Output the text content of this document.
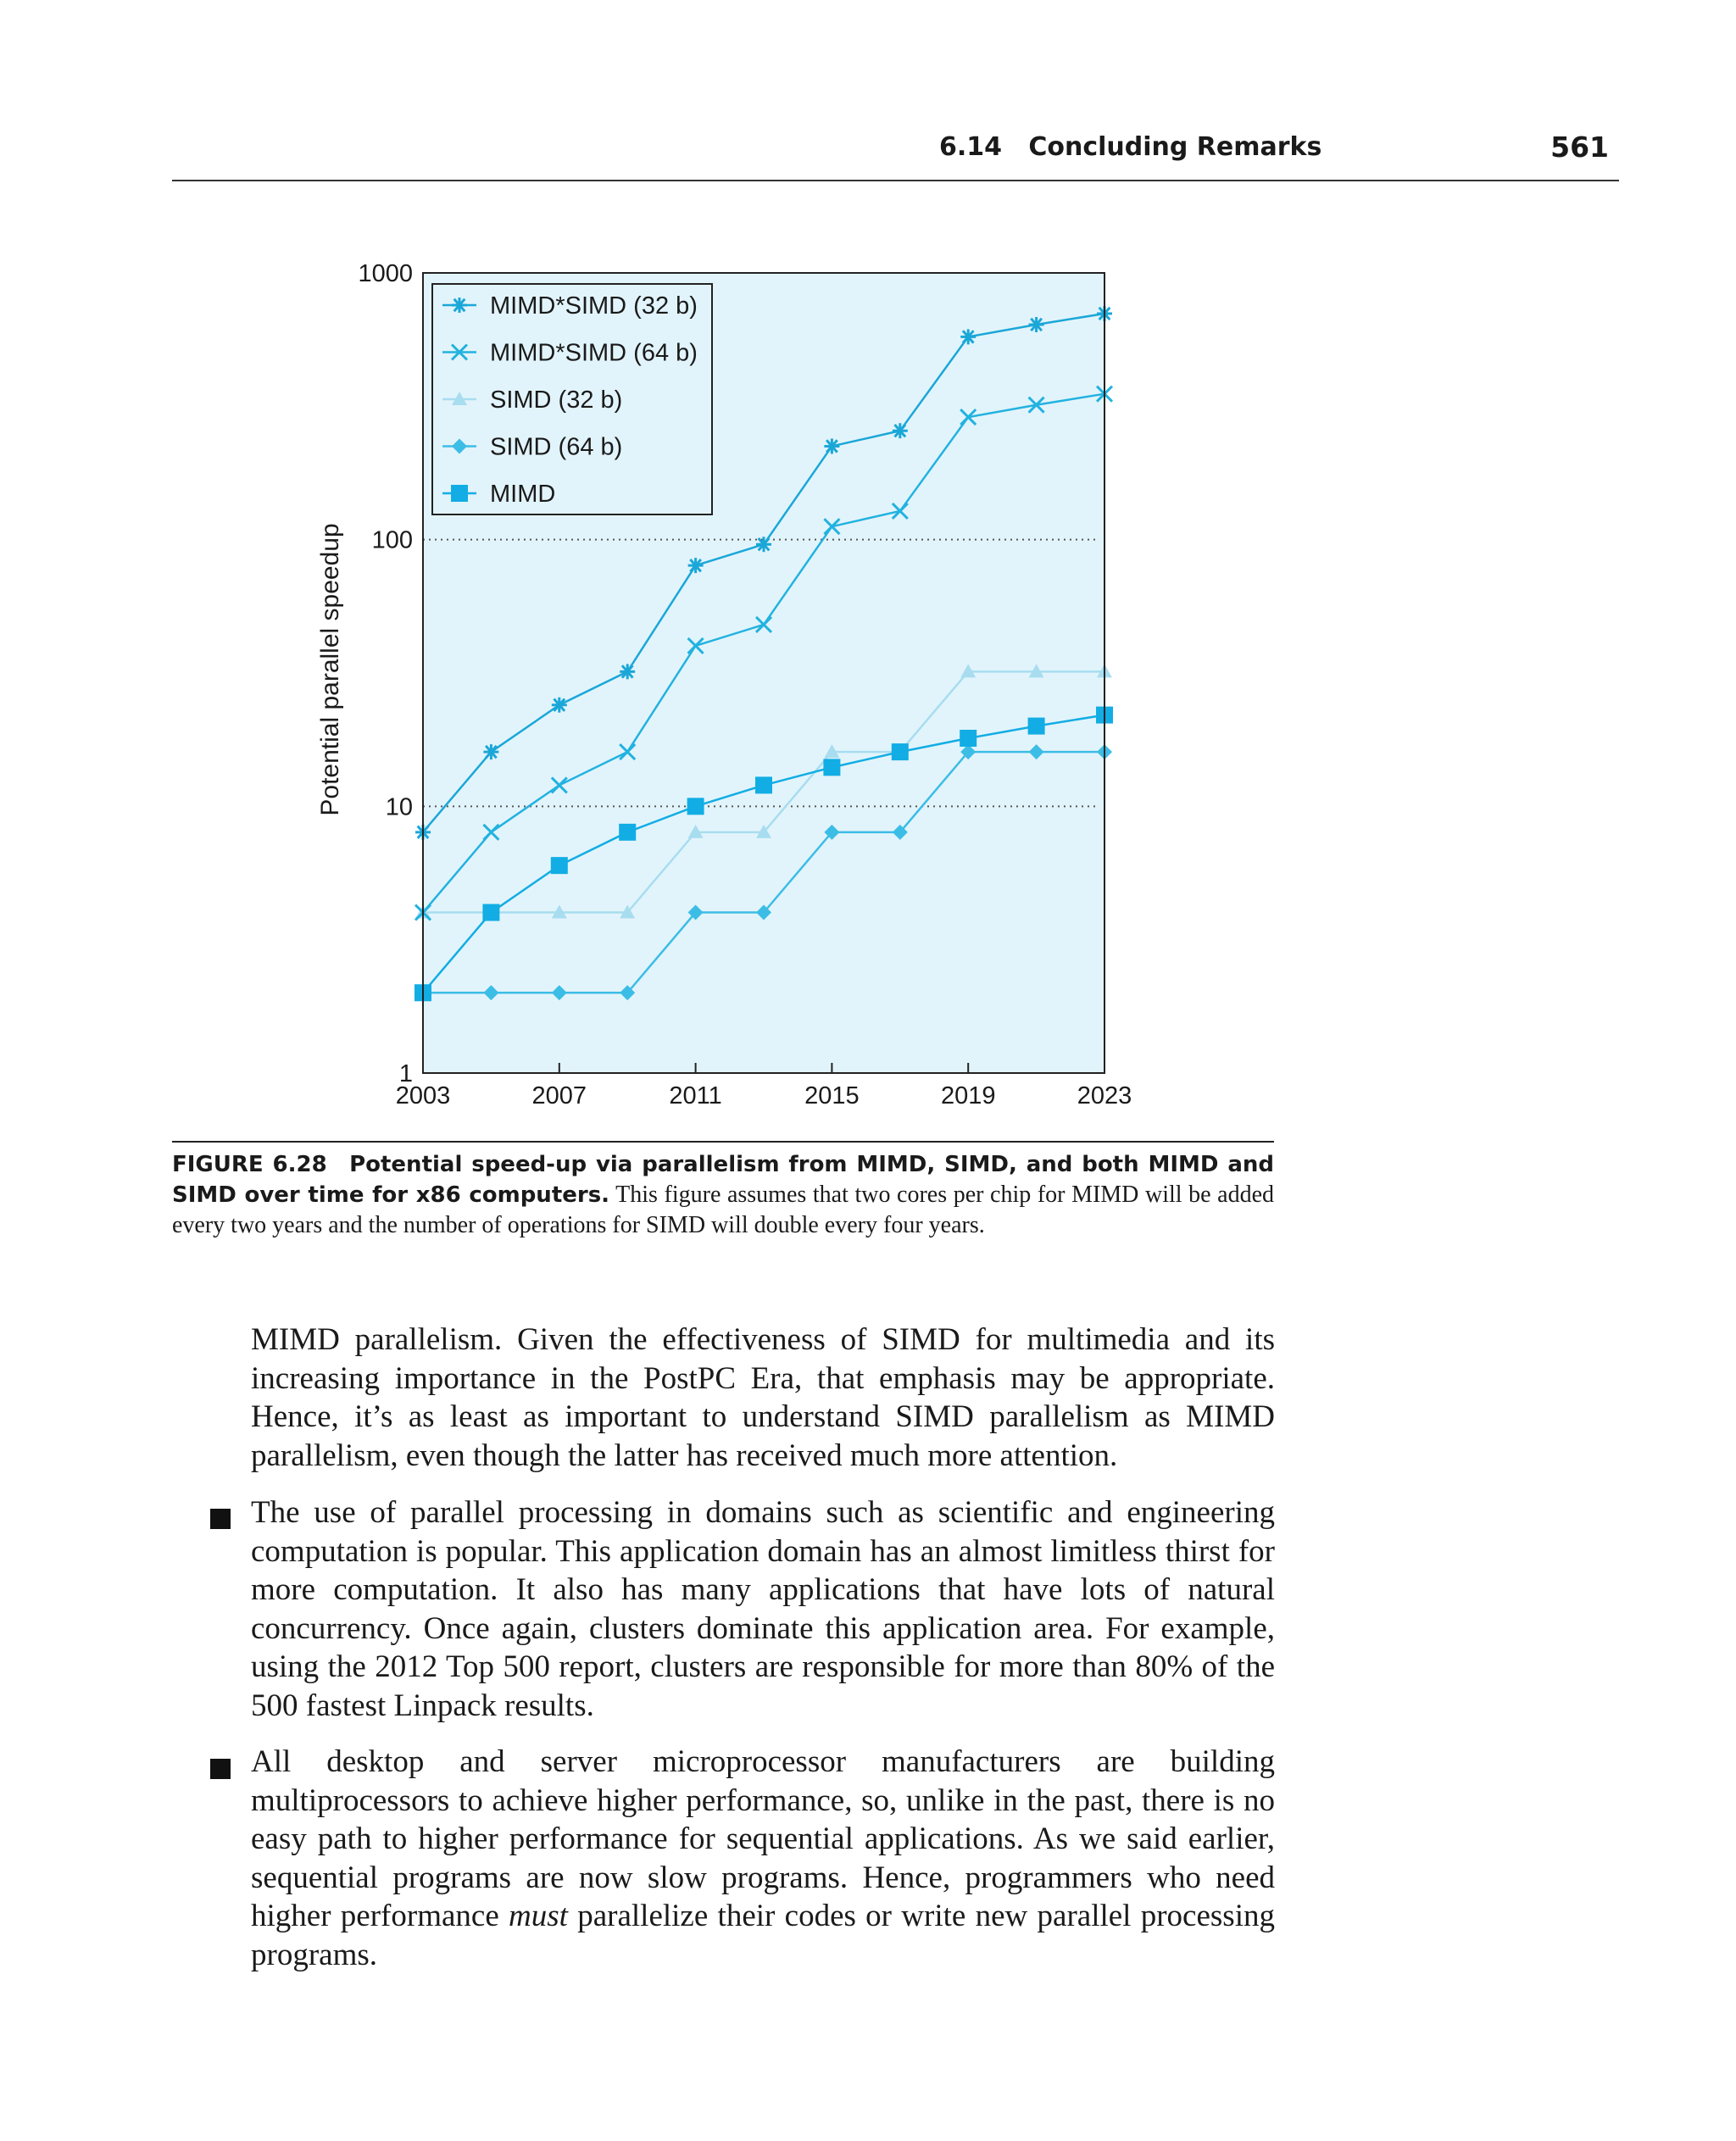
6.14   Concluding Remarks	561
1
10
100
1000
2003	2007	2011	2015	2019	2023
MIMD*SIMD (32 b)
MIMD*SIMD (64 b)
SIMD (32 b)
SIMD (64 b)
MIMD
Potential parallel speedup
FIGURE 6.28 Potential speed-up via parallelism from MIMD, SIMD, and both MIMD and SIMD over time for x86 computers. This figure assumes that two cores per chip for MIMD will be added every two years and the number of operations for SIMD will double every four years.
MIMD parallelism. Given the effectiveness of SIMD for multimedia and its increasing importance in the PostPC Era, that emphasis may be appropriate. Hence, it’s as least as important to understand SIMD parallelism as MIMD parallelism, even though the latter has received much more attention.
The use of parallel processing in domains such as scientific and engineering computation is popular. This application domain has an almost limitless thirst for more computation. It also has many applications that have lots of natural concurrency. Once again, clusters dominate this application area. For example, using the 2012 Top 500 report, clusters are responsible for more than 80% of the 500 fastest Linpack results.
All desktop and server microprocessor manufacturers are building multiprocessors to achieve higher performance, so, unlike in the past, there is no easy path to higher performance for sequential applications. As we said earlier, sequential programs are now slow programs. Hence, programmers who need higher performance must parallelize their codes or write new parallel processing programs.
